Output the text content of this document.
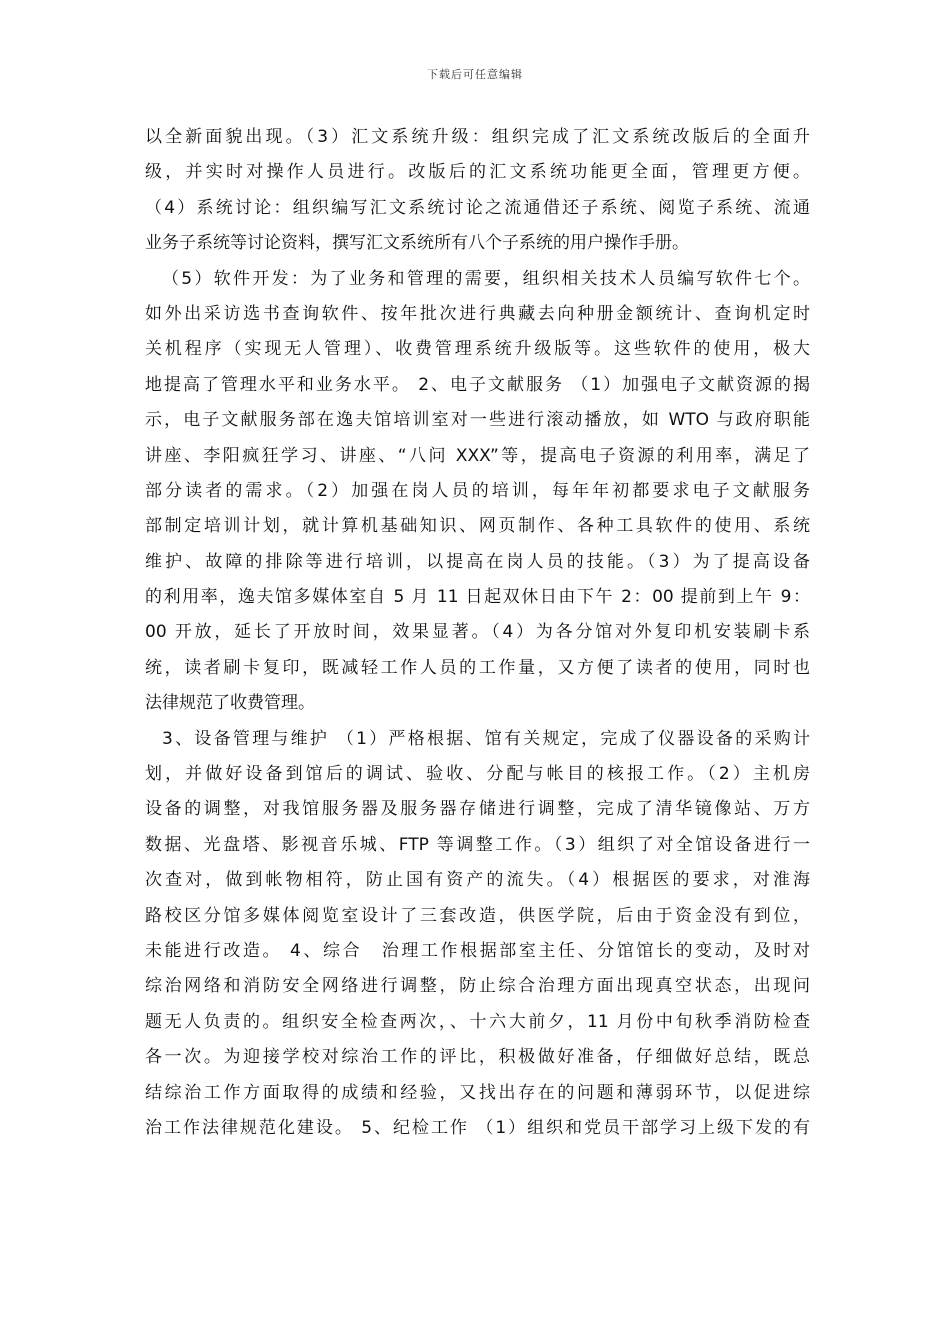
下载后可任意编辑
以全新面貌出现。（3）汇文系统升级：组织完成了汇文系统改版后的全面升
级，并实时对操作人员进行。改版后的汇文系统功能更全面，管理更方便。
（4）系统讨论：组织编写汇文系统讨论之流通借还子系统、阅览子系统、流通
业务子系统等讨论资料，撰写汇文系统所有八个子系统的用户操作手册。
（5）软件开发：为了业务和管理的需要，组织相关技术人员编写软件七个。
如外出采访选书查询软件、按年批次进行典藏去向种册金额统计、查询机定时
关机程序（实现无人管理）、收费管理系统升级版等。这些软件的使用，极大
地提高了管理水平和业务水平。 2、电子文献服务 （1）加强电子文献资源的揭
示，电子文献服务部在逸夫馆培训室对一些进行滚动播放，如 WTO 与政府职能
讲座、李阳疯狂学习、讲座、“八问 XXX”等，提高电子资源的利用率，满足了
部分读者的需求。（2）加强在岗人员的培训，每年年初都要求电子文献服务
部制定培训计划，就计算机基础知识、网页制作、各种工具软件的使用、系统
维护、故障的排除等进行培训，以提高在岗人员的技能。（3）为了提高设备
的利用率，逸夫馆多媒体室自 5 月 11 日起双休日由下午 2：00 提前到上午 9：
00 开放，延长了开放时间，效果显著。（4）为各分馆对外复印机安装刷卡系
统，读者刷卡复印，既减轻工作人员的工作量，又方便了读者的使用，同时也
法律规范了收费管理。
3、设备管理与维护 （1）严格根据、馆有关规定，完成了仪器设备的采购计
划，并做好设备到馆后的调试、验收、分配与帐目的核报工作。（2）主机房
设备的调整，对我馆服务器及服务器存储进行调整，完成了清华镜像站、万方
数据、光盘塔、影视音乐城、FTP 等调整工作。（3）组织了对全馆设备进行一
次查对，做到帐物相符，防止国有资产的流失。（4）根据医的要求，对淮海
路校区分馆多媒体阅览室设计了三套改造，供医学院，后由于资金没有到位，
未能进行改造。 4、综合　治理工作根据部室主任、分馆馆长的变动，及时对
综治网络和消防安全网络进行调整，防止综合治理方面出现真空状态，出现问
题无人负责的。组织安全检查两次，、十六大前夕，11 月份中旬秋季消防检查
各一次。为迎接学校对综治工作的评比，积极做好准备，仔细做好总结，既总
结综治工作方面取得的成绩和经验，又找出存在的问题和薄弱环节，以促进综
治工作法律规范化建设。 5、纪检工作 （1）组织和党员干部学习上级下发的有
